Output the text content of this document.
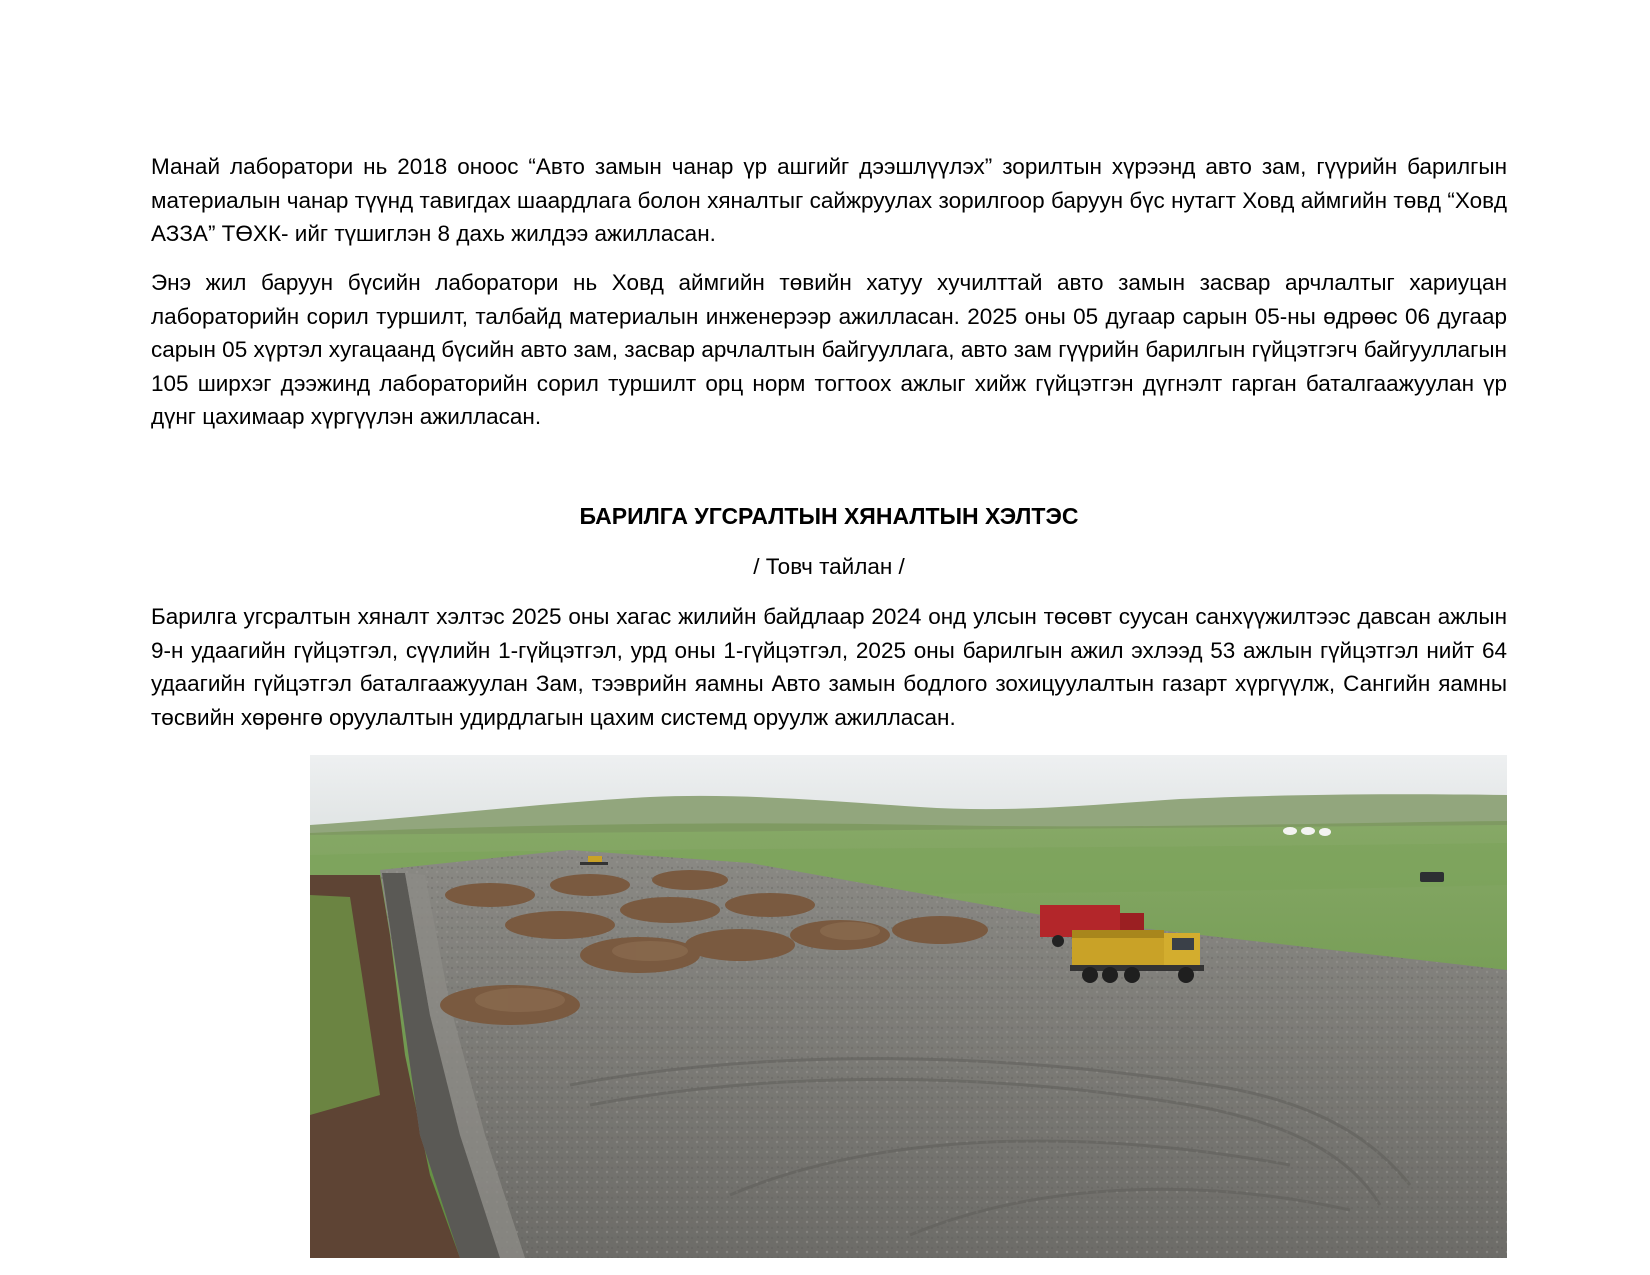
Манай лаборатори нь 2018 оноос “Авто замын чанар үр ашгийг дээшлүүлэх” зорилтын хүрээнд авто зам, гүүрийн барилгын материалын чанар түүнд тавигдах шаардлага болон хяналтыг сайжруулах зорилгоор баруун бүс нутагт Ховд аймгийн төвд “Ховд АЗЗА” ТӨХК- ийг түшиглэн 8 дахь жилдээ ажилласан.

Энэ жил баруун бүсийн лаборатори нь Ховд аймгийн төвийн хатуу хучилттай авто замын засвар арчлалтыг хариуцан лабораторийн сорил туршилт, талбайд материалын инженерээр ажилласан. 2025 оны 05 дугаар сарын 05-ны өдрөөс 06 дугаар сарын 05 хүртэл хугацаанд бүсийн авто зам, засвар арчлалтын байгууллага, авто зам гүүрийн барилгын гүйцэтгэгч байгууллагын 105 ширхэг дээжинд лабораторийн сорил туршилт орц норм тогтоох ажлыг хийж гүйцэтгэн дүгнэлт гарган баталгаажуулан үр дүнг цахимаар хүргүүлэн ажилласан.

БАРИЛГА УГСРАЛТЫН ХЯНАЛТЫН ХЭЛТЭС
/ Товч тайлан /

Барилга угсралтын хяналт хэлтэс 2025 оны хагас жилийн байдлаар 2024 онд улсын төсөвт суусан санхүүжилтээс давсан ажлын 9-н удаагийн гүйцэтгэл, сүүлийн 1-гүйцэтгэл, урд оны 1-гүйцэтгэл, 2025 оны барилгын ажил эхлээд 53 ажлын гүйцэтгэл нийт 64 удаагийн гүйцэтгэл баталгаажуулан Зам, тээврийн яамны Авто замын бодлого зохицуулалтын газарт хүргүүлж, Сангийн яамны төсвийн хөрөнгө оруулалтын удирдлагын цахим системд оруулж ажилласан.
